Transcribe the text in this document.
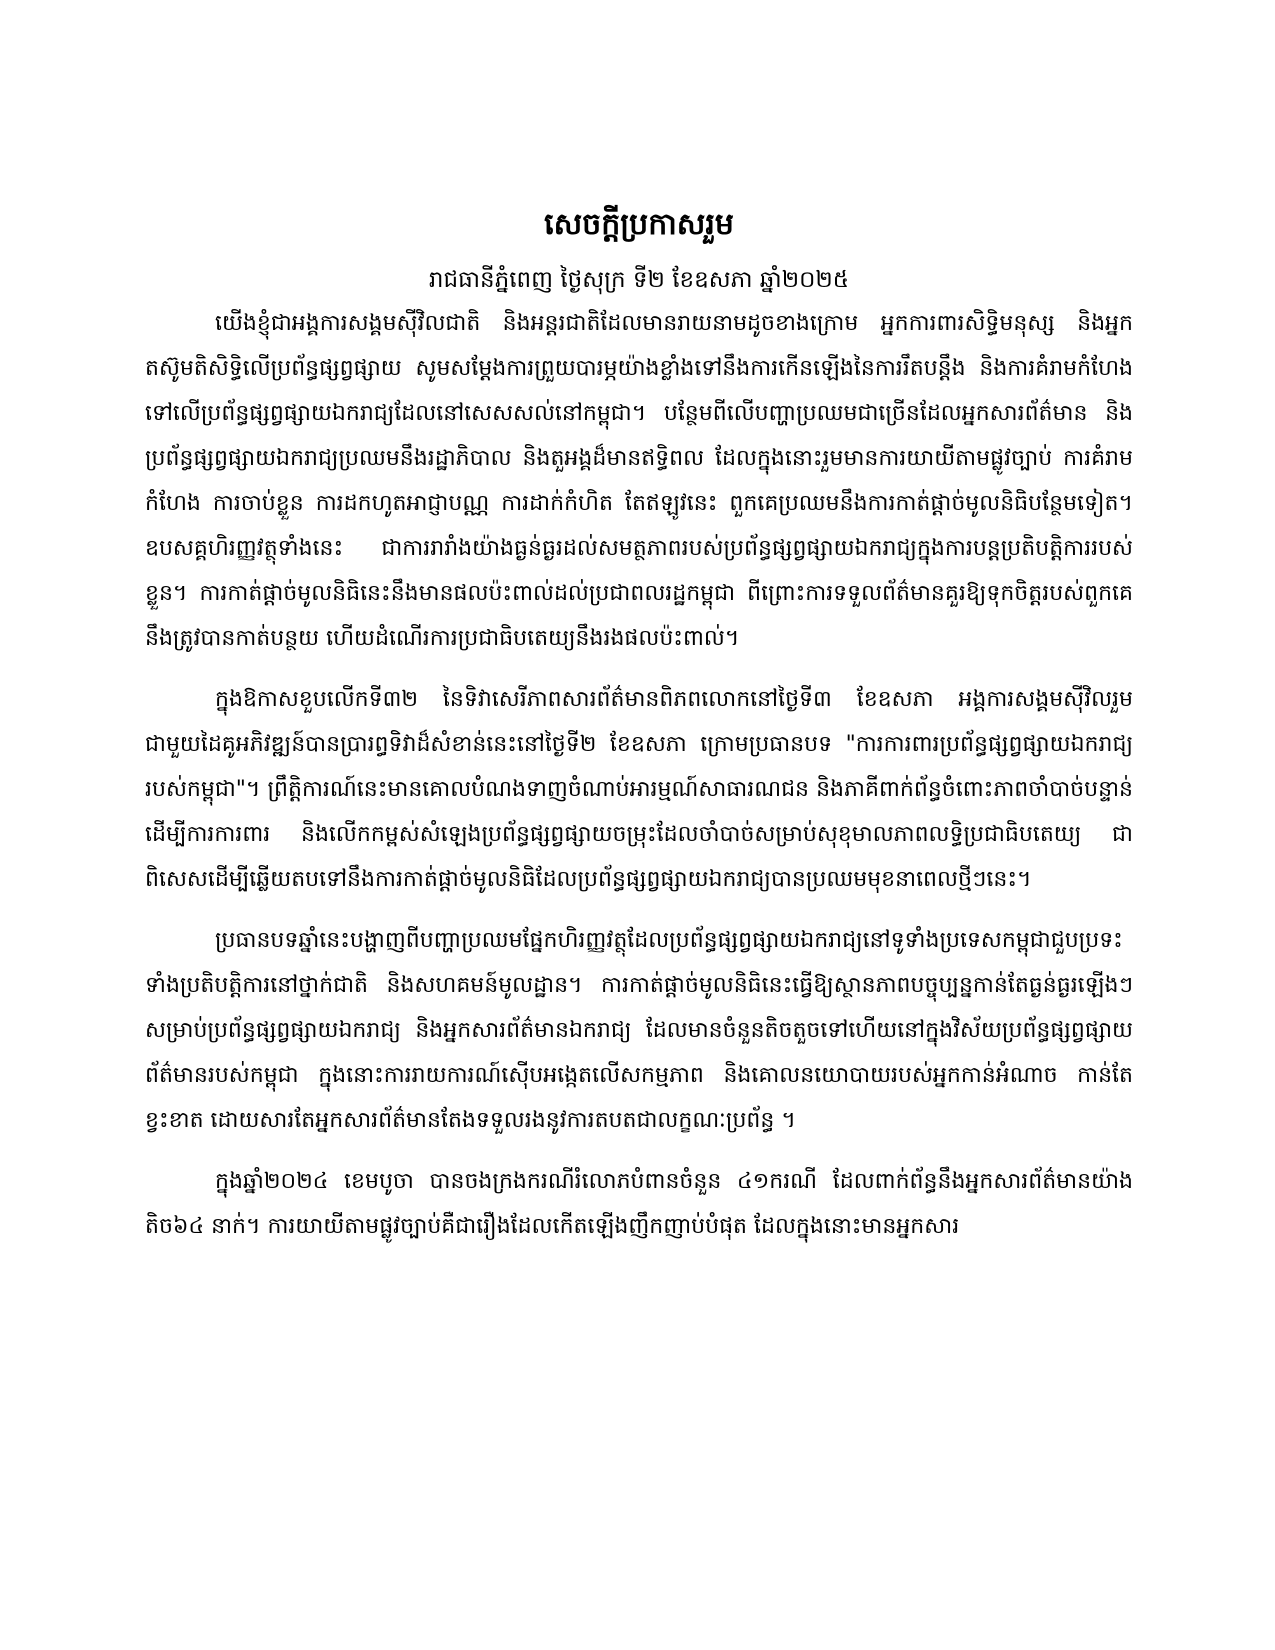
សេចក្តីប្រកាសរួម
រាជធានីភ្នំពេញ ថ្ងៃសុក្រ ទី២ ខែឧសភា ឆ្នាំ២០២៥

យើងខ្ញុំជាអង្គការសង្គមស៊ីវិលជាតិ និងអន្តរជាតិដែលមានរាយនាមដូចខាងក្រោម អ្នកការពារសិទ្ធិមនុស្ស និងអ្នកតស៊ូមតិសិទ្ធិលើប្រព័ន្ធផ្សព្វផ្សាយ សូមសម្តែងការព្រួយបារម្ភយ៉ាងខ្លាំងទៅនឹងការកើនឡើងនៃការរឹតបន្តឹង និងការគំរាមកំហែងទៅលើប្រព័ន្ធផ្សព្វផ្សាយឯករាជ្យដែលនៅសេសសល់នៅកម្ពុជា។ បន្ថែមពីលើបញ្ហាប្រឈមជាច្រើនដែលអ្នកសារព័ត៌មាន និងប្រព័ន្ធផ្សព្វផ្សាយឯករាជ្យប្រឈមនឹងរដ្ឋាភិបាល និងតួអង្គដ៏មានឥទ្ធិពល ដែលក្នុងនោះរួមមានការយាយីតាមផ្លូវច្បាប់ ការគំរាមកំហែង ការចាប់ខ្លួន ការដកហូតអាជ្ញាបណ្ណ ការដាក់កំហិត តែឥឡូវនេះ ពួកគេប្រឈមនឹងការកាត់ផ្តាច់មូលនិធិបន្ថែមទៀត។ ឧបសគ្គហិរញ្ញវត្ថុទាំងនេះ ជាការរារាំងយ៉ាងធ្ងន់ធ្ងរដល់សមត្ថភាពរបស់ប្រព័ន្ធផ្សព្វផ្សាយឯករាជ្យក្នុងការបន្តប្រតិបត្តិការរបស់ខ្លួន។ ការកាត់ផ្តាច់មូលនិធិនេះនឹងមានផលប៉ះពាល់ដល់ប្រជាពលរដ្ឋកម្ពុជា ពីព្រោះការទទួលព័ត៌មានគួរឱ្យទុកចិត្តរបស់ពួកគេនឹងត្រូវបានកាត់បន្ថយ ហើយដំណើរការប្រជាធិបតេយ្យនឹងរងផលប៉ះពាល់។

ក្នុងឱកាសខួបលើកទី៣២ នៃទិវាសេរីភាពសារព័ត៌មានពិភពលោកនៅថ្ងៃទី៣ ខែឧសភា អង្គការសង្គមស៊ីវិលរួមជាមួយដៃគូអភិវឌ្ឍន៍បានប្រារព្ធទិវាដ៏សំខាន់នេះនៅថ្ងៃទី២ ខែឧសភា ក្រោមប្រធានបទ "ការការពារប្រព័ន្ធផ្សព្វផ្សាយឯករាជ្យរបស់កម្ពុជា"។ ព្រឹត្តិការណ៍នេះមានគោលបំណងទាញចំណាប់អារម្មណ៍សាធារណជន និងភាគីពាក់ព័ន្ធចំពោះភាពចាំបាច់បន្ទាន់ដើម្បីការការពារ និងលើកកម្ពស់សំឡេងប្រព័ន្ធផ្សព្វផ្សាយចម្រុះដែលចាំបាច់សម្រាប់សុខុមាលភាពលទ្ធិប្រជាធិបតេយ្យ ជាពិសេសដើម្បីឆ្លើយតបទៅនឹងការកាត់ផ្តាច់មូលនិធិដែលប្រព័ន្ធផ្សព្វផ្សាយឯករាជ្យបានប្រឈមមុខនាពេលថ្មីៗនេះ។

ប្រធានបទឆ្នាំនេះបង្ហាញពីបញ្ហាប្រឈមផ្នែកហិរញ្ញវត្ថុដែលប្រព័ន្ធផ្សព្វផ្សាយឯករាជ្យនៅទូទាំងប្រទេសកម្ពុជាជួបប្រទះទាំងប្រតិបត្តិការនៅថ្នាក់ជាតិ និងសហគមន៍មូលដ្ឋាន។ ការកាត់ផ្តាច់មូលនិធិនេះធ្វើឱ្យស្ថានភាពបច្ចុប្បន្នកាន់តែធ្ងន់ធ្ងរឡើងៗសម្រាប់ប្រព័ន្ធផ្សព្វផ្សាយឯករាជ្យ និងអ្នកសារព័ត៌មានឯករាជ្យ ដែលមានចំនួនតិចតួចទៅហើយនៅក្នុងវិស័យប្រព័ន្ធផ្សព្វផ្សាយព័ត៌មានរបស់កម្ពុជា ក្នុងនោះការរាយការណ៍ស៊ើបអង្កេតលើសកម្មភាព និងគោលនយោបាយរបស់អ្នកកាន់អំណាច កាន់តែខ្វះខាត ដោយសារតែអ្នកសារព័ត៌មានតែងទទួលរងនូវការតបតជាលក្ខណៈប្រព័ន្ធ ។

ក្នុងឆ្នាំ២០២៤ ខេមបូចា បានចងក្រងករណីរំលោភបំពានចំនួន ៤១ករណី ដែលពាក់ព័ន្ធនឹងអ្នកសារព័ត៌មានយ៉ាងតិច៦៤ នាក់។ ការយាយីតាមផ្លូវច្បាប់គឺជារឿងដែលកើតឡើងញឹកញាប់បំផុត ដែលក្នុងនោះមានអ្នកសារ
